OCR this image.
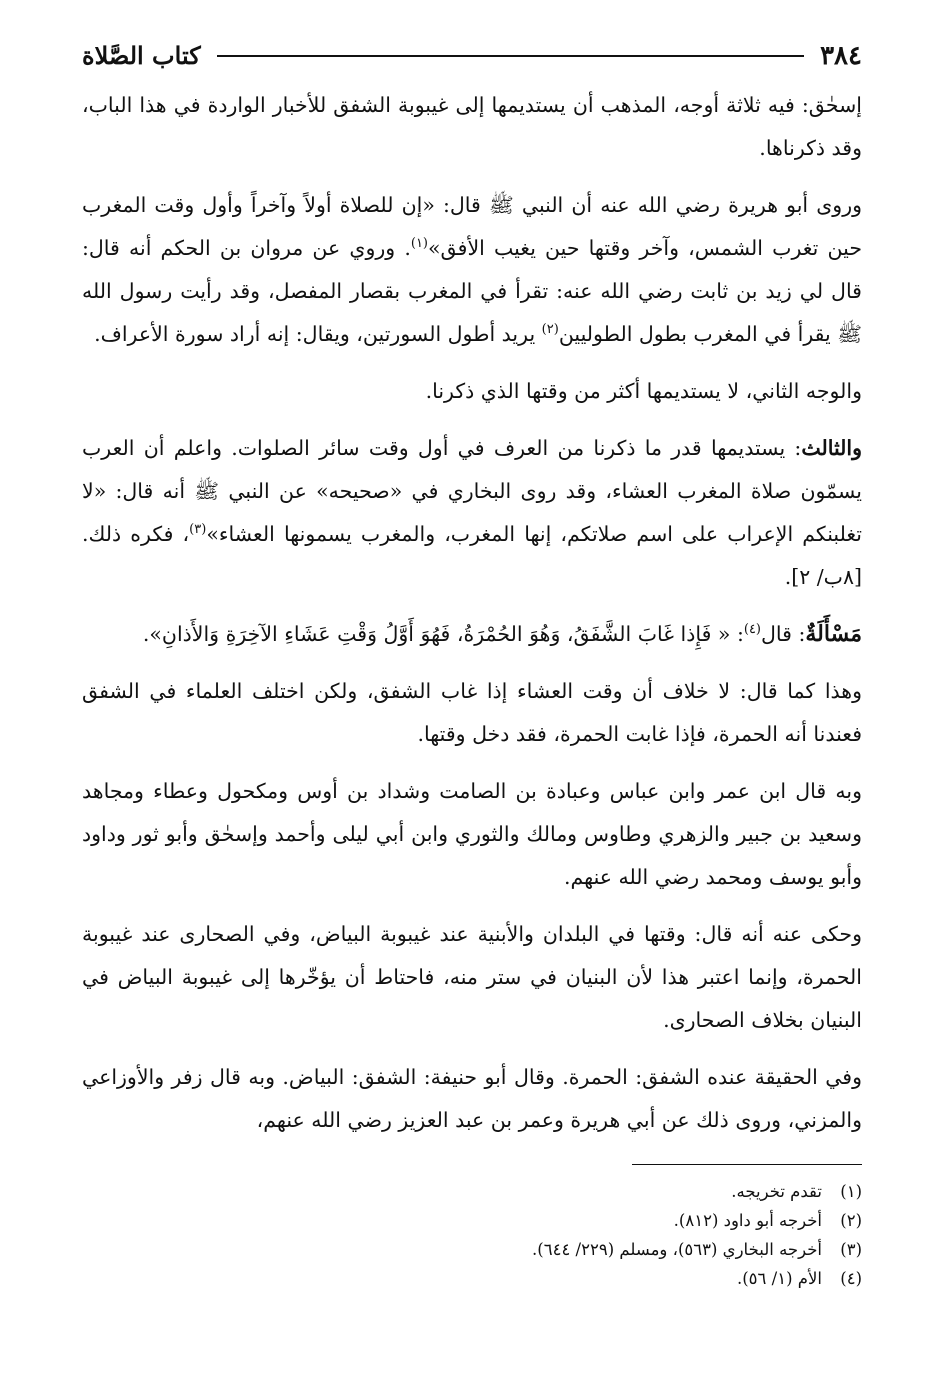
٣٨٤
كتاب الصَّلاة

إسحٰق: فيه ثلاثة أوجه، المذهب أن يستديمها إلى غيبوبة الشفق للأخبار الواردة في هذا الباب، وقد ذكرناها.

وروى أبو هريرة رضي الله عنه أن النبي ﷺ قال: «إن للصلاة أولاً وآخراً وأول وقت المغرب حين تغرب الشمس، وآخر وقتها حين يغيب الأفق»$^{(١)}$. وروي عن مروان بن الحكم أنه قال: قال لي زيد بن ثابت رضي الله عنه: تقرأ في المغرب بقصار المفصل، وقد رأيت رسول الله ﷺ يقرأ في المغرب بطول الطوليين$^{(٢)}$ يريد أطول السورتين، ويقال: إنه أراد سورة الأعراف.

والوجه الثاني، لا يستديمها أكثر من وقتها الذي ذكرنا.

والثالث: يستديمها قدر ما ذكرنا من العرف في أول وقت سائر الصلوات. واعلم أن العرب يسمّون صلاة المغرب العشاء، وقد روى البخاري في «صحيحه» عن النبي ﷺ أنه قال: «لا تغلبنكم الإعراب على اسم صلاتكم، إنها المغرب، والمغرب يسمونها العشاء»$^{(٣)}$، فكره ذلك. [٨ب/ ٢].

مَسْأَلَةٌ: قال$^{(٤)}$: « فَإِذا غَابَ الشَّفَقُ، وَهُوَ الحُمْرَةُ، فَهُوَ أَوَّلُ وَقْتِ عَشَاءِ الآخِرَةِ وَالأَذانِ».

وهذا كما قال: لا خلاف أن وقت العشاء إذا غاب الشفق، ولكن اختلف العلماء في الشفق فعندنا أنه الحمرة، فإذا غابت الحمرة، فقد دخل وقتها.

وبه قال ابن عمر وابن عباس وعبادة بن الصامت وشداد بن أوس ومكحول وعطاء ومجاهد وسعيد بن جبير والزهري وطاوس ومالك والثوري وابن أبي ليلى وأحمد وإسحٰق وأبو ثور وداود وأبو يوسف ومحمد رضي الله عنهم.

وحكى عنه أنه قال: وقتها في البلدان والأبنية عند غيبوبة البياض، وفي الصحارى عند غيبوبة الحمرة، وإنما اعتبر هذا لأن البنيان في ستر منه، فاحتاط أن يؤخّرها إلى غيبوبة البياض في البنيان بخلاف الصحارى.

وفي الحقيقة عنده الشفق: الحمرة. وقال أبو حنيفة: الشفق: البياض. وبه قال زفر والأوزاعي والمزني، وروى ذلك عن أبي هريرة وعمر بن عبد العزيز رضي الله عنهم،

(١)
تقدم تخريجه.
(٢)
أخرجه أبو داود (٨١٢).
(٣)
أخرجه البخاري (٥٦٣)، ومسلم (٢٢٩/ ٦٤٤).
(٤)
الأم (١/ ٥٦).
